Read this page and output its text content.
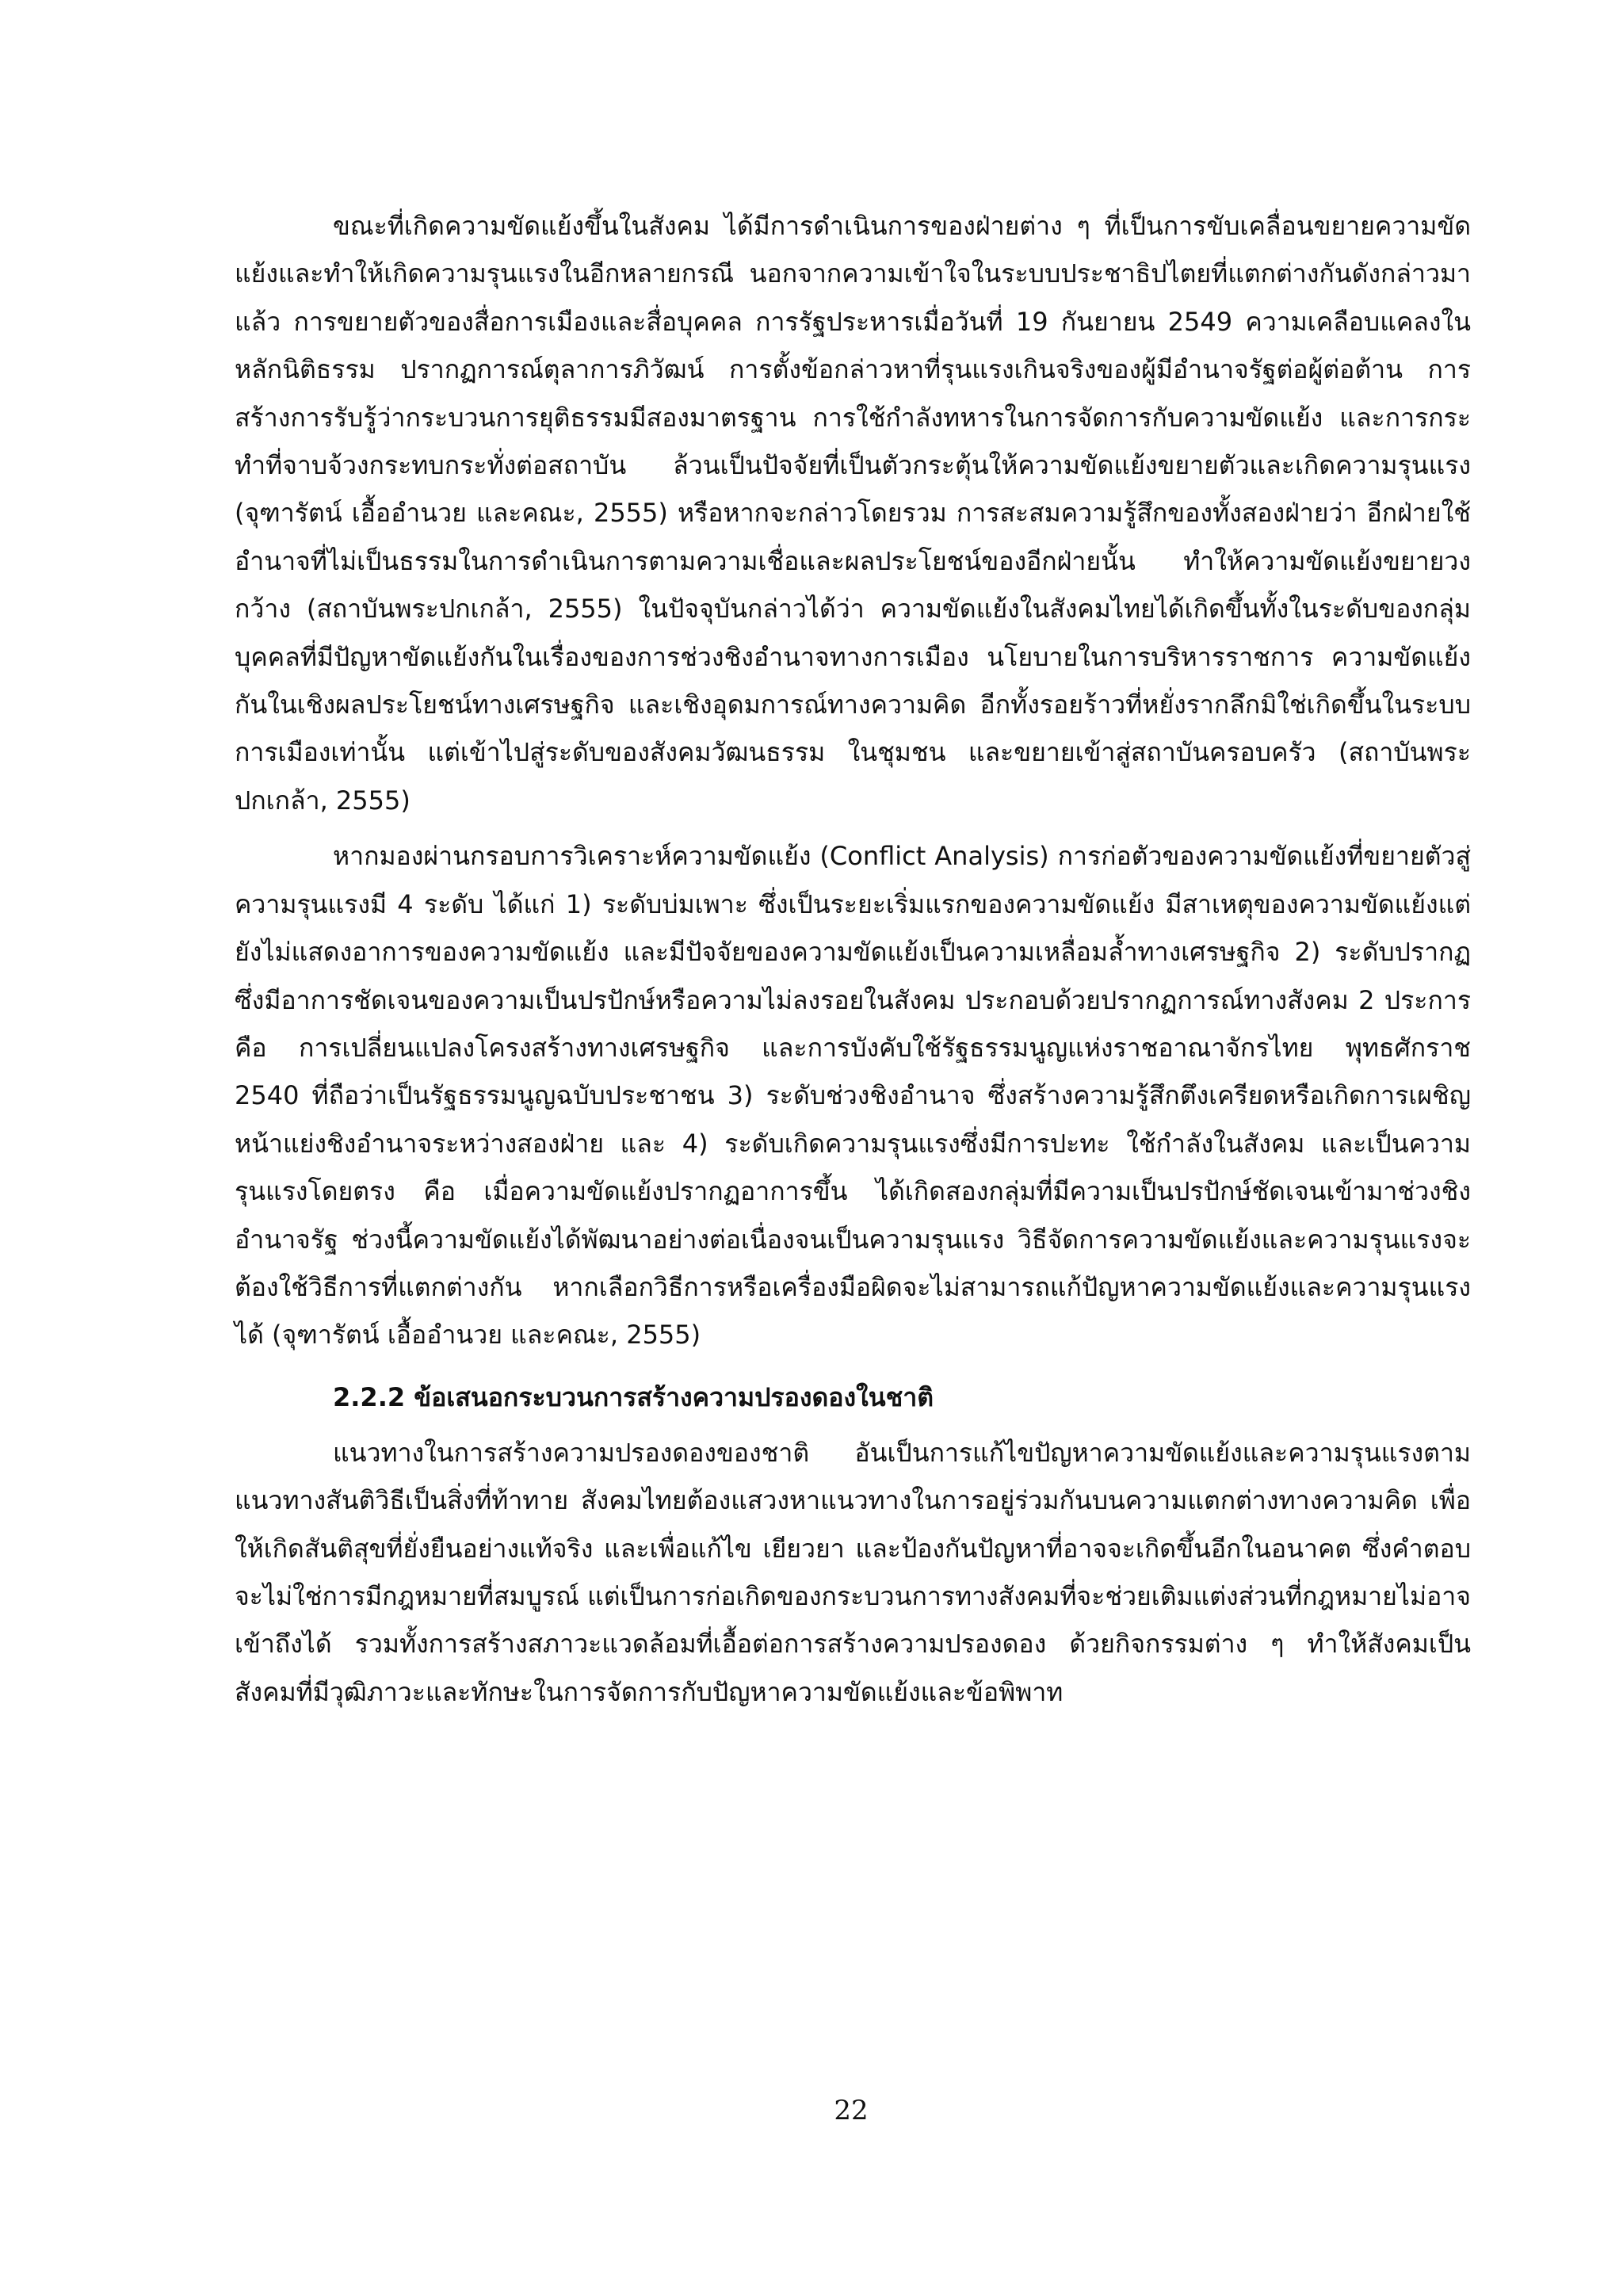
ขณะที่เกิดความขัดแย้งขึ้นในสังคม ได้มีการดำเนินการของฝ่ายต่าง ๆ ที่เป็นการขับเคลื่อนขยายความขัดแย้งและทำให้เกิดความรุนแรงในอีกหลายกรณี นอกจากความเข้าใจในระบบประชาธิปไตยที่แตกต่างกันดังกล่าวมาแล้ว การขยายตัวของสื่อการเมืองและสื่อบุคคล การรัฐประหารเมื่อวันที่ 19 กันยายน 2549 ความเคลือบแคลงในหลักนิติธรรม ปรากฏการณ์ตุลาการภิวัฒน์ การตั้งข้อกล่าวหาที่รุนแรงเกินจริงของผู้มีอำนาจรัฐต่อผู้ต่อต้าน การสร้างการรับรู้ว่ากระบวนการยุติธรรมมีสองมาตรฐาน การใช้กำลังทหารในการจัดการกับความขัดแย้ง และการกระทำที่จาบจ้วงกระทบกระทั่งต่อสถาบัน ล้วนเป็นปัจจัยที่เป็นตัวกระตุ้นให้ความขัดแย้งขยายตัวและเกิดความรุนแรง (จุฑารัตน์ เอื้ออำนวย และคณะ, 2555) หรือหากจะกล่าวโดยรวม การสะสมความรู้สึกของทั้งสองฝ่ายว่า อีกฝ่ายใช้อำนาจที่ไม่เป็นธรรมในการดำเนินการตามความเชื่อและผลประโยชน์ของอีกฝ่ายนั้น ทำให้ความขัดแย้งขยายวงกว้าง (สถาบันพระปกเกล้า, 2555) ในปัจจุบันกล่าวได้ว่า ความขัดแย้งในสังคมไทยได้เกิดขึ้นทั้งในระดับของกลุ่มบุคคลที่มีปัญหาขัดแย้งกันในเรื่องของการช่วงชิงอำนาจทางการเมือง นโยบายในการบริหารราชการ ความขัดแย้งกันในเชิงผลประโยชน์ทางเศรษฐกิจ และเชิงอุดมการณ์ทางความคิด อีกทั้งรอยร้าวที่หยั่งรากลึกมิใช่เกิดขึ้นในระบบการเมืองเท่านั้น แต่เข้าไปสู่ระดับของสังคมวัฒนธรรม ในชุมชน และขยายเข้าสู่สถาบันครอบครัว (สถาบันพระปกเกล้า, 2555)

หากมองผ่านกรอบการวิเคราะห์ความขัดแย้ง (Conflict Analysis) การก่อตัวของความขัดแย้งที่ขยายตัวสู่ความรุนแรงมี 4 ระดับ ได้แก่ 1) ระดับบ่มเพาะ ซึ่งเป็นระยะเริ่มแรกของความขัดแย้ง มีสาเหตุของความขัดแย้งแต่ยังไม่แสดงอาการของความขัดแย้ง และมีปัจจัยของความขัดแย้งเป็นความเหลื่อมล้ำทางเศรษฐกิจ 2) ระดับปรากฏ ซึ่งมีอาการชัดเจนของความเป็นปรปักษ์หรือความไม่ลงรอยในสังคม ประกอบด้วยปรากฏการณ์ทางสังคม 2 ประการ คือ การเปลี่ยนแปลงโครงสร้างทางเศรษฐกิจ และการบังคับใช้รัฐธรรมนูญแห่งราชอาณาจักรไทย พุทธศักราช 2540 ที่ถือว่าเป็นรัฐธรรมนูญฉบับประชาชน 3) ระดับช่วงชิงอำนาจ ซึ่งสร้างความรู้สึกตึงเครียดหรือเกิดการเผชิญหน้าแย่งชิงอำนาจระหว่างสองฝ่าย และ 4) ระดับเกิดความรุนแรงซึ่งมีการปะทะ ใช้กำลังในสังคม และเป็นความรุนแรงโดยตรง คือ เมื่อความขัดแย้งปรากฏอาการขึ้น ได้เกิดสองกลุ่มที่มีความเป็นปรปักษ์ชัดเจนเข้ามาช่วงชิงอำนาจรัฐ ช่วงนี้ความขัดแย้งได้พัฒนาอย่างต่อเนื่องจนเป็นความรุนแรง วิธีจัดการความขัดแย้งและความรุนแรงจะต้องใช้วิธีการที่แตกต่างกัน หากเลือกวิธีการหรือเครื่องมือผิดจะไม่สามารถแก้ปัญหาความขัดแย้งและความรุนแรงได้ (จุฑารัตน์ เอื้ออำนวย และคณะ, 2555)

2.2.2 ข้อเสนอกระบวนการสร้างความปรองดองในชาติ

แนวทางในการสร้างความปรองดองของชาติ อันเป็นการแก้ไขปัญหาความขัดแย้งและความรุนแรงตามแนวทางสันติวิธีเป็นสิ่งที่ท้าทาย สังคมไทยต้องแสวงหาแนวทางในการอยู่ร่วมกันบนความแตกต่างทางความคิด เพื่อให้เกิดสันติสุขที่ยั่งยืนอย่างแท้จริง และเพื่อแก้ไข เยียวยา และป้องกันปัญหาที่อาจจะเกิดขึ้นอีกในอนาคต ซึ่งคำตอบจะไม่ใช่การมีกฎหมายที่สมบูรณ์ แต่เป็นการก่อเกิดของกระบวนการทางสังคมที่จะช่วยเติมแต่งส่วนที่กฎหมายไม่อาจเข้าถึงได้ รวมทั้งการสร้างสภาวะแวดล้อมที่เอื้อต่อการสร้างความปรองดอง ด้วยกิจกรรมต่าง ๆ ทำให้สังคมเป็นสังคมที่มีวุฒิภาวะและทักษะในการจัดการกับปัญหาความขัดแย้งและข้อพิพาท

22
